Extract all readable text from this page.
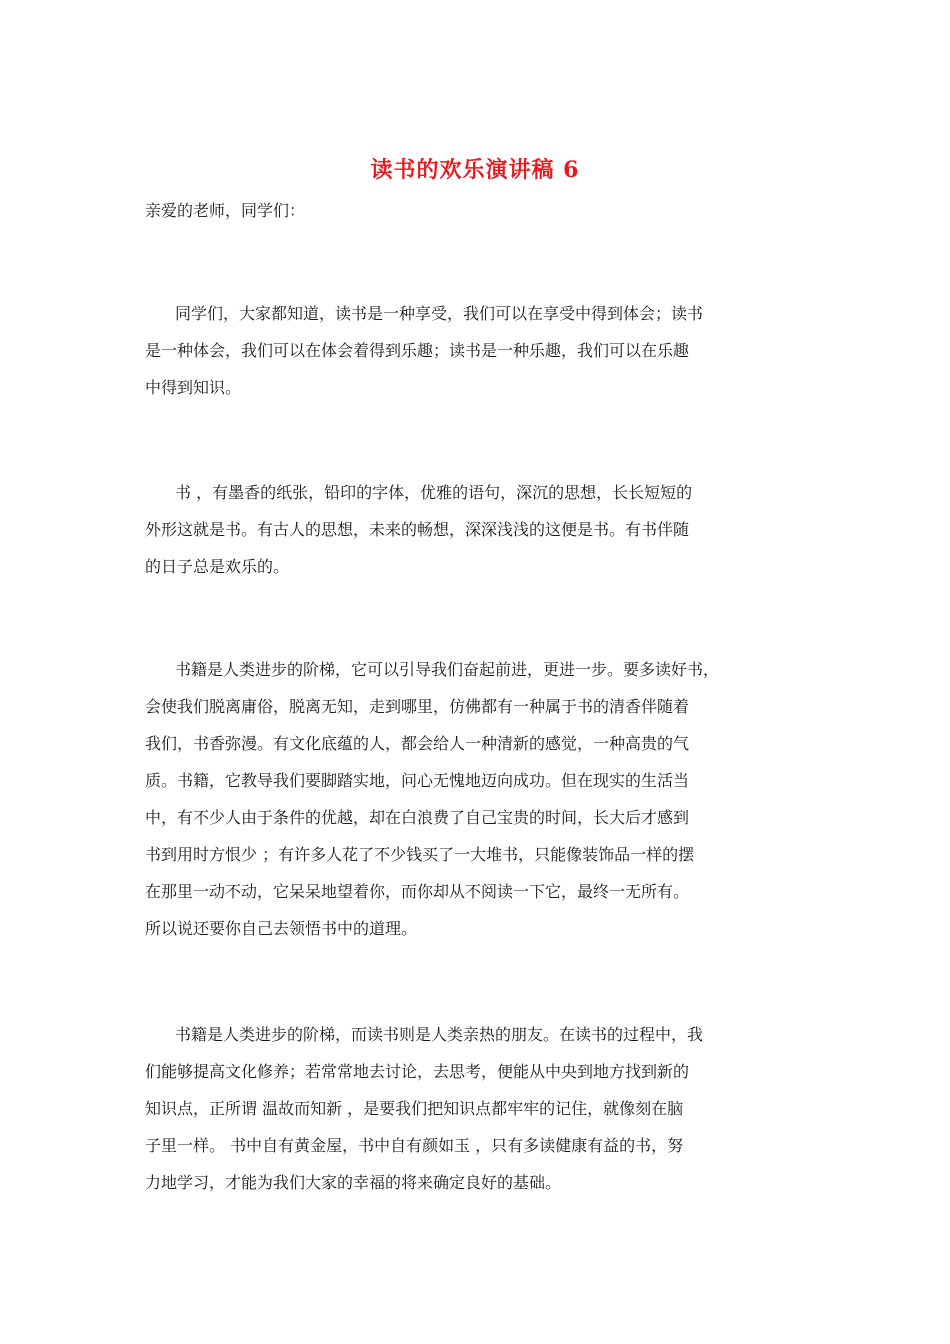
读书的欢乐演讲稿 6
亲爱的老师，同学们：
同学们，大家都知道，读书是一种享受，我们可以在享受中得到体会；读书
是一种体会，我们可以在体会着得到乐趣；读书是一种乐趣，我们可以在乐趣
中得到知识。
书 ，有墨香的纸张，铅印的字体，优雅的语句，深沉的思想，长长短短的
外形这就是书。有古人的思想，未来的畅想，深深浅浅的这便是书。有书伴随
的日子总是欢乐的。
书籍是人类进步的阶梯，它可以引导我们奋起前进，更进一步。要多读好书，
会使我们脱离庸俗，脱离无知，走到哪里，仿佛都有一种属于书的清香伴随着
我们，书香弥漫。有文化底蕴的人，都会给人一种清新的感觉，一种高贵的气
质。书籍，它教导我们要脚踏实地，问心无愧地迈向成功。但在现实的生活当
中，有不少人由于条件的优越，却在白浪费了自己宝贵的时间，长大后才感到
书到用时方恨少 ；有许多人花了不少钱买了一大堆书，只能像装饰品一样的摆
在那里一动不动，它呆呆地望着你，而你却从不阅读一下它，最终一无所有。
所以说还要你自己去领悟书中的道理。
书籍是人类进步的阶梯，而读书则是人类亲热的朋友。在读书的过程中，我
们能够提高文化修养；若常常地去讨论，去思考，便能从中央到地方找到新的
知识点，正所谓 温故而知新 ，是要我们把知识点都牢牢的记住，就像刻在脑
子里一样。 书中自有黄金屋，书中自有颜如玉 ，只有多读健康有益的书，努
力地学习，才能为我们大家的幸福的将来确定良好的基础。
